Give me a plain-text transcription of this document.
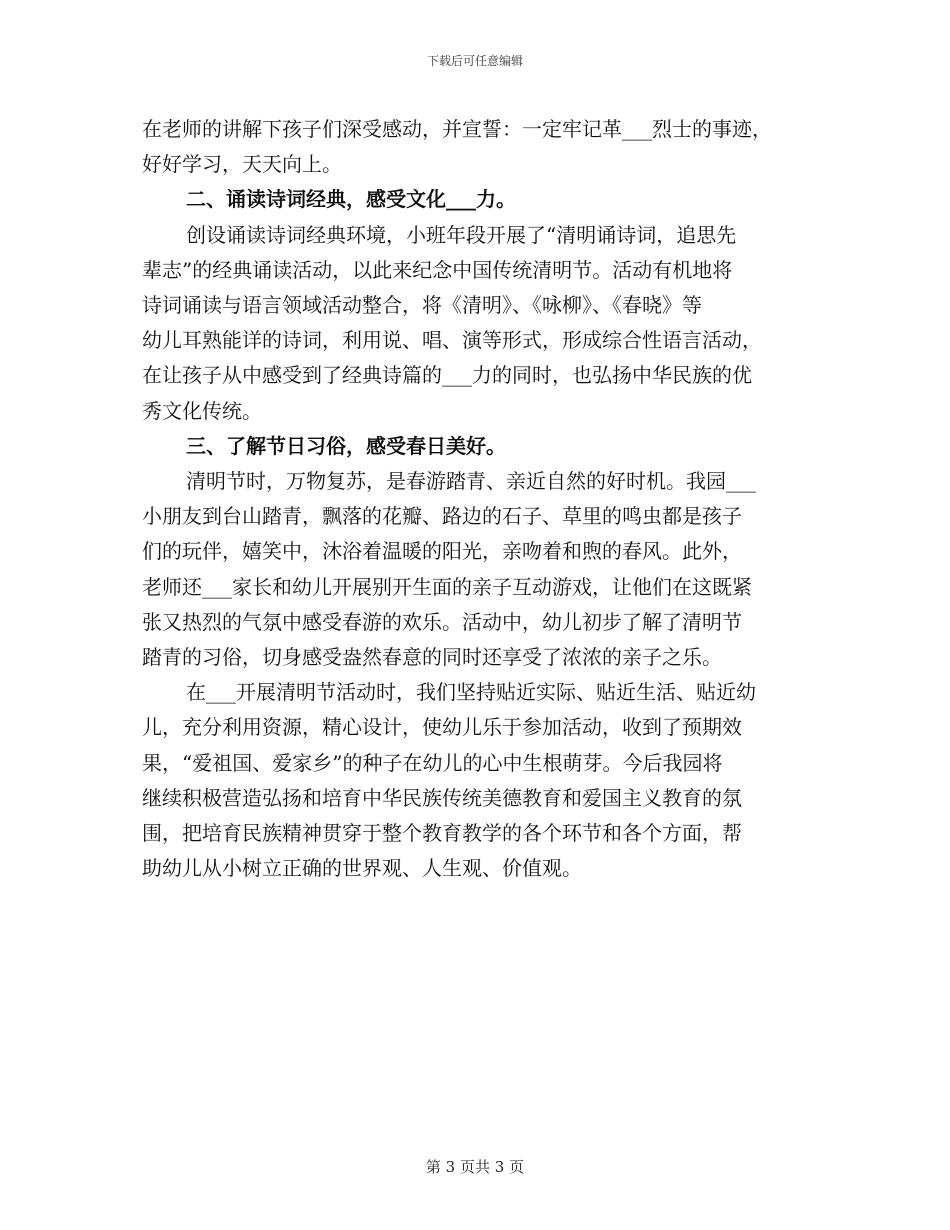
下载后可任意编辑

在老师的讲解下孩子们深受感动，并宣誓：一定牢记革___烈士的事迹，

好好学习，天天向上。

二、诵读诗词经典，感受文化___力。

创设诵读诗词经典环境，小班年段开展了“清明诵诗词，追思先

辈志”的经典诵读活动，以此来纪念中国传统清明节。活动有机地将

诗词诵读与语言领域活动整合，将《清明》、《咏柳》、《春晓》等

幼儿耳熟能详的诗词，利用说、唱、演等形式，形成综合性语言活动，

在让孩子从中感受到了经典诗篇的___力的同时，也弘扬中华民族的优

秀文化传统。

三、了解节日习俗，感受春日美好。

清明节时，万物复苏，是春游踏青、亲近自然的好时机。我园___

小朋友到台山踏青，飘落的花瓣、路边的石子、草里的鸣虫都是孩子

们的玩伴，嬉笑中，沐浴着温暖的阳光，亲吻着和煦的春风。此外，

老师还___家长和幼儿开展别开生面的亲子互动游戏，让他们在这既紧

张又热烈的气氛中感受春游的欢乐。活动中，幼儿初步了解了清明节

踏青的习俗，切身感受盎然春意的同时还享受了浓浓的亲子之乐。

在___开展清明节活动时，我们坚持贴近实际、贴近生活、贴近幼

儿，充分利用资源，精心设计，使幼儿乐于参加活动，收到了预期效

果，“爱祖国、爱家乡”的种子在幼儿的心中生根萌芽。今后我园将

继续积极营造弘扬和培育中华民族传统美德教育和爱国主义教育的氛

围，把培育民族精神贯穿于整个教育教学的各个环节和各个方面，帮

助幼儿从小树立正确的世界观、人生观、价值观。

第 3 页共 3 页
